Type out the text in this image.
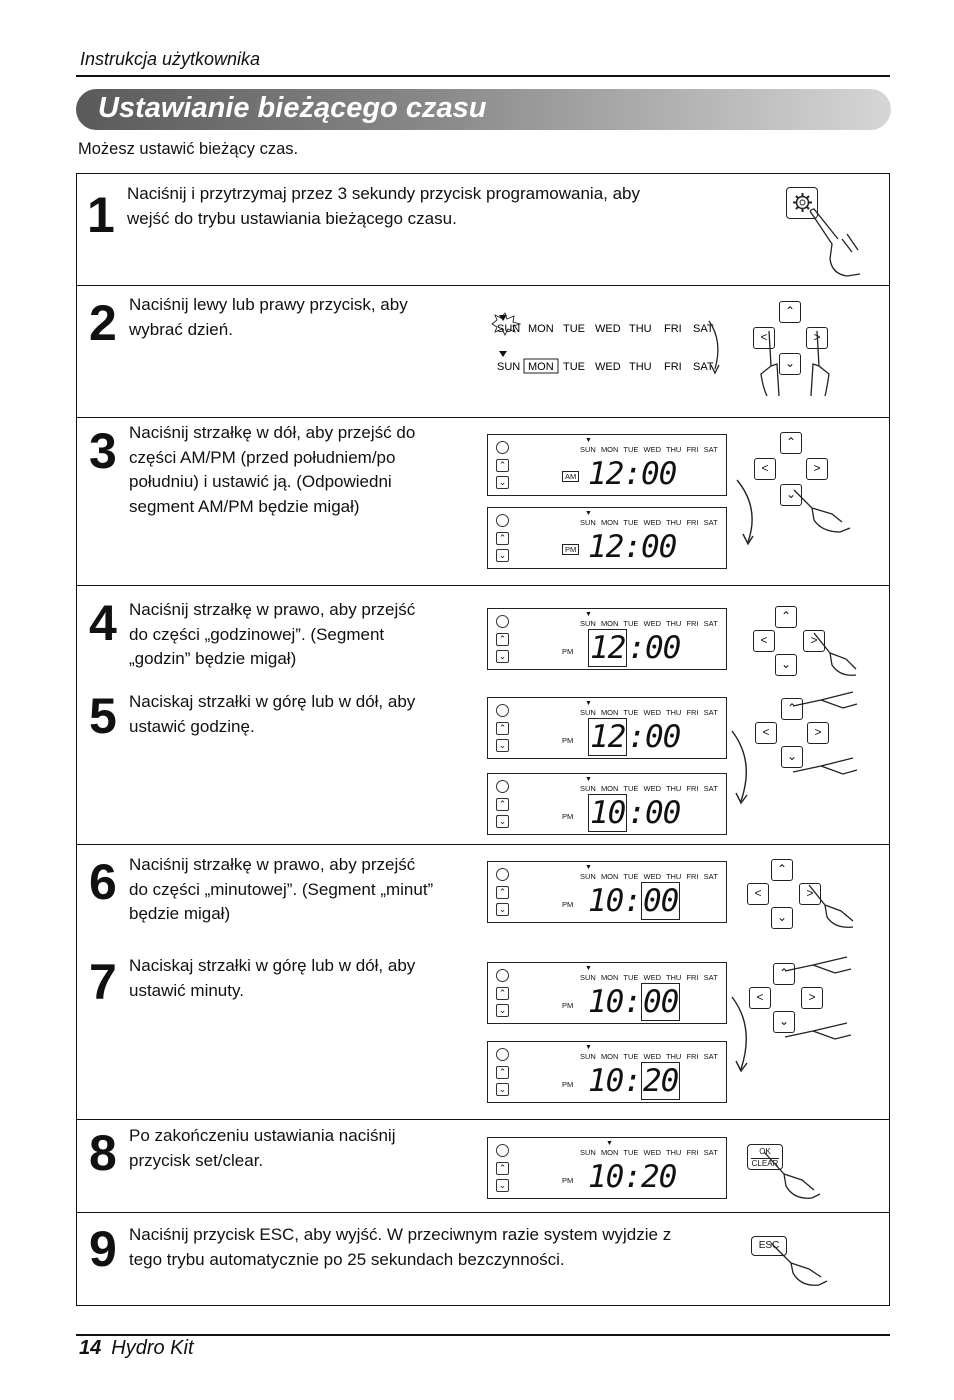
Instrukcja użytkownika
Ustawianie bieżącego czasu
Możesz ustawić bieżący czas.
1 Naciśnij i przytrzymaj przez 3 sekundy przycisk programowania, aby
wejść do trybu ustawiania bieżącego czasu.
2 Naciśnij lewy lub prawy przycisk, aby
wybrać dzień.	SUN MON TUE WED THU FRI SAT
SUN MON TUE WED THU FRI SAT
⌃
<	>
⌄
3 Naciśnij strzałkę w dół, aby przejść do
części AM/PM (przed południem/po
południu) i ustawić ją. (Odpowiedni
segment AM/PM będzie migał)
⌃
⌄
▼
SUN MON TUE WED THU FRI SAT
AM 12:00
⌃
⌄
▼
SUN MON TUE WED THU FRI SAT
PM 12:00
⌃
<	>
⌄
4 Naciśnij strzałkę w prawo, aby przejść
do części „godzinowej”. (Segment
„godzin” będzie migał)
5 Naciskaj strzałki w górę lub w dół, aby
ustawić godzinę.
⌃
⌄
▼
SUN MON TUE WED THU FRI SAT
PM 12:00
⌃
⌄
▼
SUN MON TUE WED THU FRI SAT
PM 12:00
⌃
⌄
▼
SUN MON TUE WED THU FRI SAT
PM 10:00
⌃
<	>
⌄
⌃
<	>
⌄
6 Naciśnij strzałkę w prawo, aby przejść
do części „minutowej”. (Segment „minut”
będzie migał)
7 Naciskaj strzałki w górę lub w dół, aby
ustawić minuty.
⌃
⌄
▼
SUN MON TUE WED THU FRI SAT
PM 10:00
⌃
⌄
▼
SUN MON TUE WED THU FRI SAT
PM 10:00
⌃
⌄
▼
SUN MON TUE WED THU FRI SAT
PM 10:20
⌃
<	>
⌄
⌃
<	>
⌄
8 Po zakończeniu ustawiania naciśnij
przycisk set/clear.	⌃
⌄
▼
SUN MON TUE WED THU FRI SAT
PM 10:20
OK
CLEAR
9 Naciśnij przycisk ESC, aby wyjść. W przeciwnym razie system wyjdzie z
tego trybu automatycznie po 25 sekundach bezczynności.
ESC
14 Hydro Kit
